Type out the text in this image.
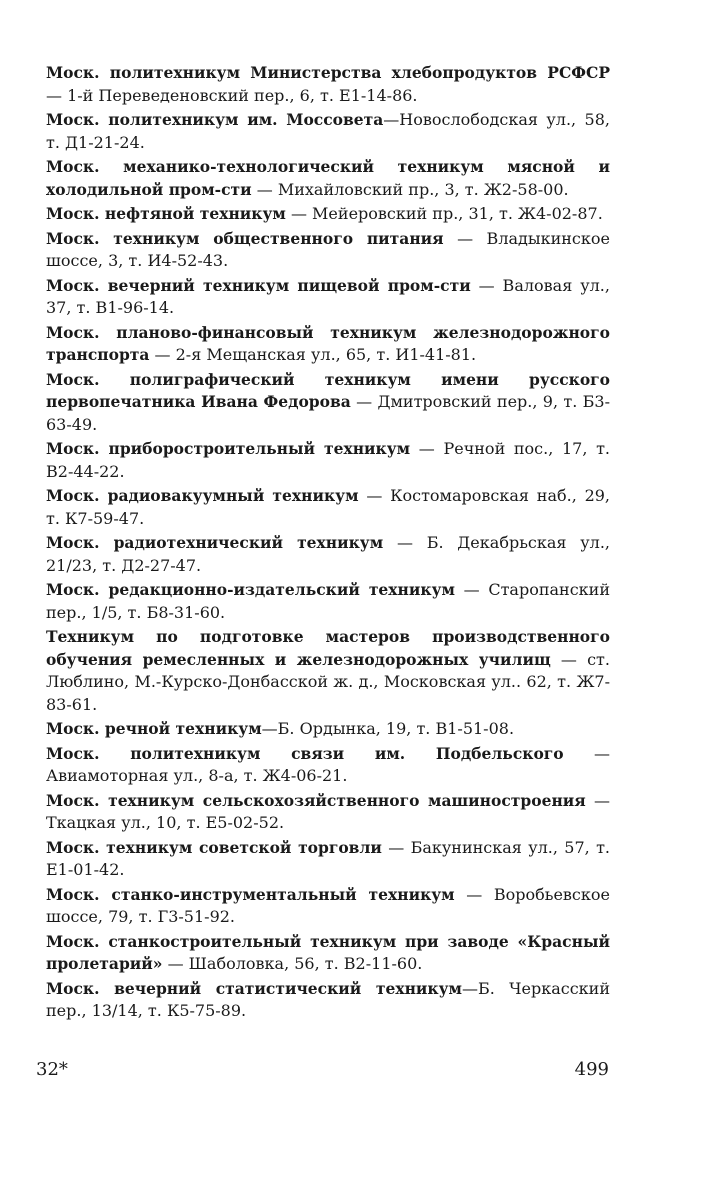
Моск. политехникум Министерства хлебопродуктов РСФСР — 1-й Переведеновский пер., 6, т. Е1-14-86.

Моск. политехникум им. Моссовета—Новослободская ул., 58, т. Д1-21-24.

Моск. механико-технологический техникум мясной и холодильной пром-сти — Михайловский пр., 3, т. Ж2-58-00.

Моск. нефтяной техникум — Мейеровский пр., 31, т. Ж4-02-87.

Моск. техникум общественного питания — Владыкинское шоссе, 3, т. И4-52-43.

Моск. вечерний техникум пищевой пром-сти — Валовая ул., 37, т. В1-96-14.

Моск. планово-финансовый техникум железнодорожного транспорта — 2-я Мещанская ул., 65, т. И1-41-81.

Моск. полиграфический техникум имени русского первопечатника Ивана Федорова — Дмитровский пер., 9, т. Б3-63-49.

Моск. приборостроительный техникум — Речной пос., 17, т. В2-44-22.

Моск. радиовакуумный техникум — Костомаровская наб., 29, т. К7-59-47.

Моск. радиотехнический техникум — Б. Декабрьская ул., 21/23, т. Д2-27-47.

Моск. редакционно-издательский техникум — Старопанский пер., 1/5, т. Б8-31-60.

Техникум по подготовке мастеров производственного обучения ремесленных и железнодорожных училищ — ст. Люблино, М.-Курско-Донбасской ж. д., Московская ул.. 62, т. Ж7-83-61.

Моск. речной техникум—Б. Ордынка, 19, т. В1-51-08.

Моск. политехникум связи им. Подбельского — Авиамоторная ул., 8-а, т. Ж4-06-21.

Моск. техникум сельскохозяйственного машиностроения — Ткацкая ул., 10, т. Е5-02-52.

Моск. техникум советской торговли — Бакунинская ул., 57, т. Е1-01-42.

Моск. станко-инструментальный техникум — Воробьевское шоссе, 79, т. Г3-51-92.

Моск. станкостроительный техникум при заводе «Красный пролетарий» — Шаболовка, 56, т. В2-11-60.

Моск. вечерний статистический техникум—Б. Черкасский пер., 13/14, т. К5-75-89.

32*	499
